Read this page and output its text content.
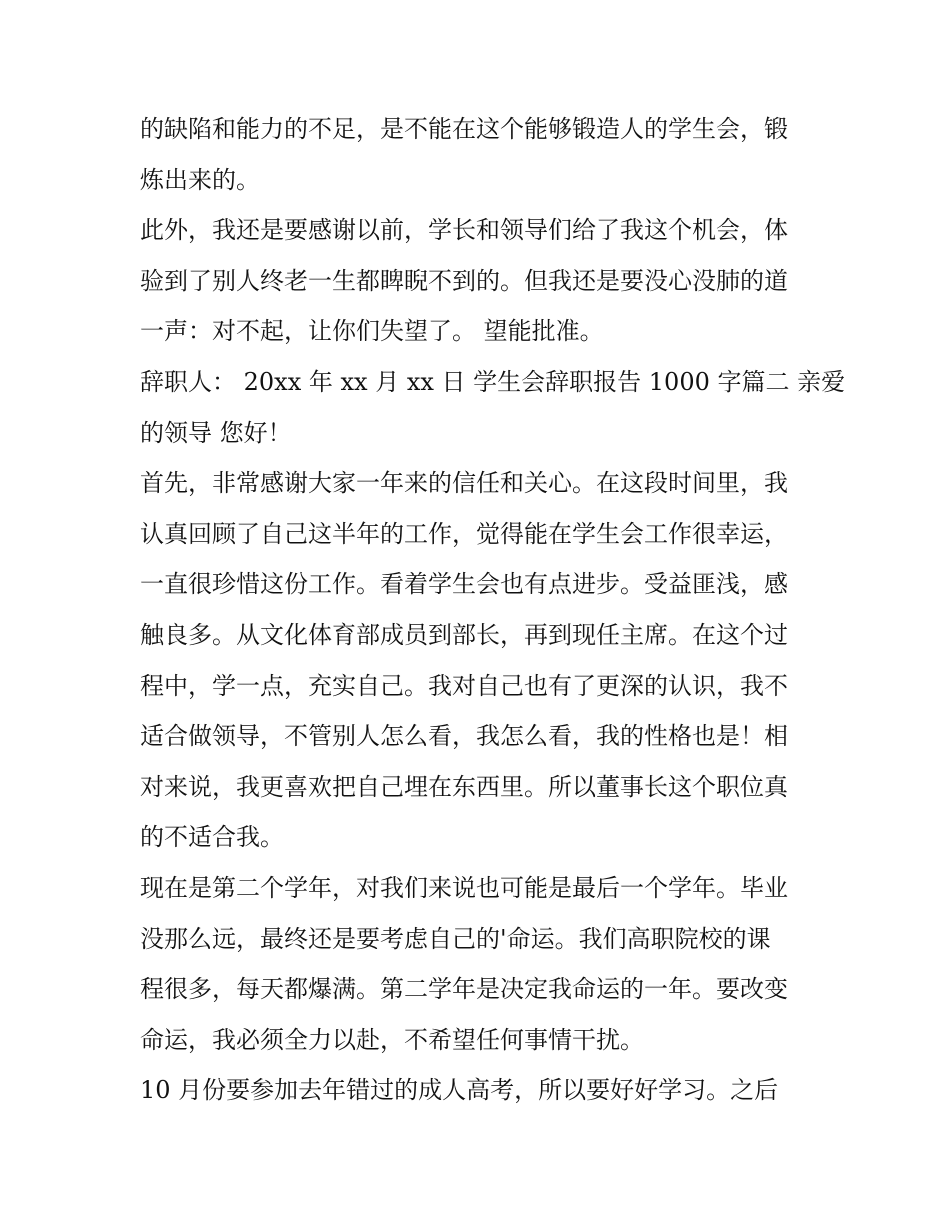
的缺陷和能力的不足，是不能在这个能够锻造人的学生会，锻
炼出来的。
此外，我还是要感谢以前，学长和领导们给了我这个机会，体
验到了别人终老一生都睥睨不到的。但我还是要没心没肺的道
一声：对不起，让你们失望了。 望能批准。
辞职人： 20xx 年 xx 月 xx 日 学生会辞职报告 1000 字篇二 亲爱
的领导 您好！
首先，非常感谢大家一年来的信任和关心。在这段时间里，我
认真回顾了自己这半年的工作，觉得能在学生会工作很幸运，
一直很珍惜这份工作。看着学生会也有点进步。受益匪浅，感
触良多。从文化体育部成员到部长，再到现任主席。在这个过
程中，学一点，充实自己。我对自己也有了更深的认识，我不
适合做领导，不管别人怎么看，我怎么看，我的性格也是！相
对来说，我更喜欢把自己埋在东西里。所以董事长这个职位真
的不适合我。
现在是第二个学年，对我们来说也可能是最后一个学年。毕业
没那么远，最终还是要考虑自己的'命运。我们高职院校的课
程很多，每天都爆满。第二学年是决定我命运的一年。要改变
命运，我必须全力以赴，不希望任何事情干扰。
10 月份要参加去年错过的成人高考，所以要好好学习。之后
